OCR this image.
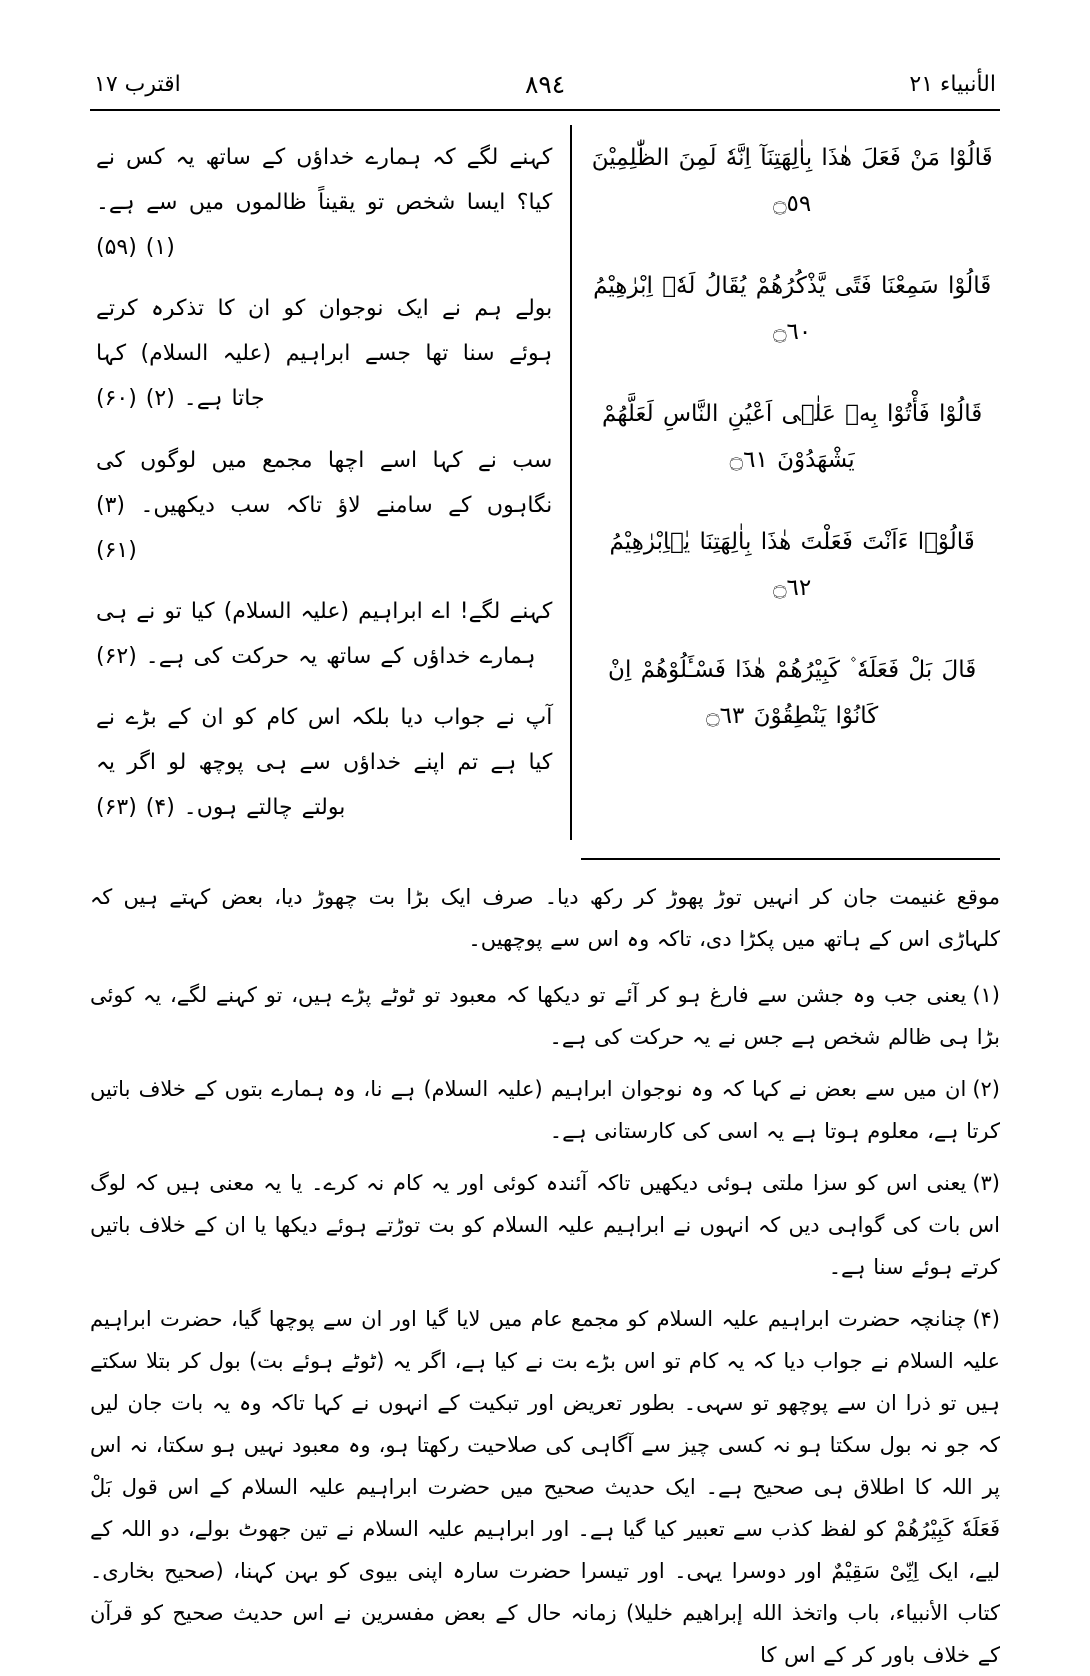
الأنبياء ٢١
٨٩٤
اقترب ١٧
قَالُوْا مَنْ فَعَلَ هٰذَا بِاٰلِهَتِنَآ اِنَّهٗ لَمِنَ الظّٰلِمِيْنَ ۝٥٩
قَالُوْا سَمِعْنَا فَتًى يَّذْكُرُهُمْ يُقَالُ لَهٗۤ اِبْرٰهِيْمُ ۝٦٠
قَالُوْا فَأْتُوْا بِهٖ عَلٰۤى اَعْيُنِ النَّاسِ لَعَلَّهُمْ يَشْهَدُوْنَ ۝٦١
قَالُوْۤا ءَاَنْتَ فَعَلْتَ هٰذَا بِاٰلِهَتِنَا يٰۤاِبْرٰهِيْمُ ۝٦٢
قَالَ بَلْ فَعَلَهٗ ۫ كَبِيْرُهُمْ هٰذَا فَسْـَٔلُوْهُمْ اِنْ كَانُوْا يَنْطِقُوْنَ ۝٦٣
کہنے لگے کہ ہمارے خداؤں کے ساتھ یہ کس نے کیا؟ ایسا شخص تو یقیناً ظالموں میں سے ہے۔ (۱) (۵۹)
بولے ہم نے ایک نوجوان کو ان کا تذکرہ کرتے ہوئے سنا تھا جسے ابراہیم (علیہ السلام) کہا جاتا ہے۔ (۲) (۶۰)
سب نے کہا اسے اچھا مجمع میں لوگوں کی نگاہوں کے سامنے لاؤ تاکہ سب دیکھیں۔ (۳) (۶۱)
کہنے لگے! اے ابراہیم (علیہ السلام) کیا تو نے ہی ہمارے خداؤں کے ساتھ یہ حرکت کی ہے۔ (۶۲)
آپ نے جواب دیا بلکہ اس کام کو ان کے بڑے نے کیا ہے تم اپنے خداؤں سے ہی پوچھ لو اگر یہ بولتے چالتے ہوں۔ (۴) (۶۳)
موقع غنیمت جان کر انہیں توڑ پھوڑ کر رکھ دیا۔ صرف ایک بڑا بت چھوڑ دیا، بعض کہتے ہیں کہ کلہاڑی اس کے ہاتھ میں پکڑا دی، تاکہ وہ اس سے پوچھیں۔
(۱)یعنی جب وہ جشن سے فارغ ہو کر آئے تو دیکھا کہ معبود تو ٹوٹے پڑے ہیں، تو کہنے لگے، یہ کوئی بڑا ہی ظالم شخص ہے جس نے یہ حرکت کی ہے۔
(۲)ان میں سے بعض نے کہا کہ وہ نوجوان ابراہیم (علیہ السلام) ہے نا، وہ ہمارے بتوں کے خلاف باتیں کرتا ہے، معلوم ہوتا ہے یہ اسی کی کارستانی ہے۔
(۳)یعنی اس کو سزا ملتی ہوئی دیکھیں تاکہ آئندہ کوئی اور یہ کام نہ کرے۔ یا یہ معنی ہیں کہ لوگ اس بات کی گواہی دیں کہ انہوں نے ابراہیم علیہ السلام کو بت توڑتے ہوئے دیکھا یا ان کے خلاف باتیں کرتے ہوئے سنا ہے۔
(۴)چنانچہ حضرت ابراہیم علیہ السلام کو مجمع عام میں لایا گیا اور ان سے پوچھا گیا، حضرت ابراہیم علیہ السلام نے جواب دیا کہ یہ کام تو اس بڑے بت نے کیا ہے، اگر یہ (ٹوٹے ہوئے بت) بول کر بتلا سکتے ہیں تو ذرا ان سے پوچھو تو سہی۔ بطور تعریض اور تبکیت کے انہوں نے کہا تاکہ وہ یہ بات جان لیں کہ جو نہ بول سکتا ہو نہ کسی چیز سے آگاہی کی صلاحیت رکھتا ہو، وہ معبود نہیں ہو سکتا، نہ اس پر اللہ کا اطلاق ہی صحیح ہے۔ ایک حدیث صحیح میں حضرت ابراہیم علیہ السلام کے اس قول بَلْ فَعَلَهٗ كَبِيْرُهُمْ کو لفظ کذب سے تعبیر کیا گیا ہے۔ اور ابراہیم علیہ السلام نے تین جھوٹ بولے، دو اللہ کے لیے، ایک اِنِّیْ سَقِیْمٌ اور دوسرا یہی۔ اور تیسرا حضرت سارہ اپنی بیوی کو بہن کہنا، (صحیح بخاری۔ کتاب الأنبیاء، باب واتخذ الله إبراهيم خليلا) زمانہ حال کے بعض مفسرین نے اس حدیث صحیح کو قرآن کے خلاف باور کر کے اس کا
